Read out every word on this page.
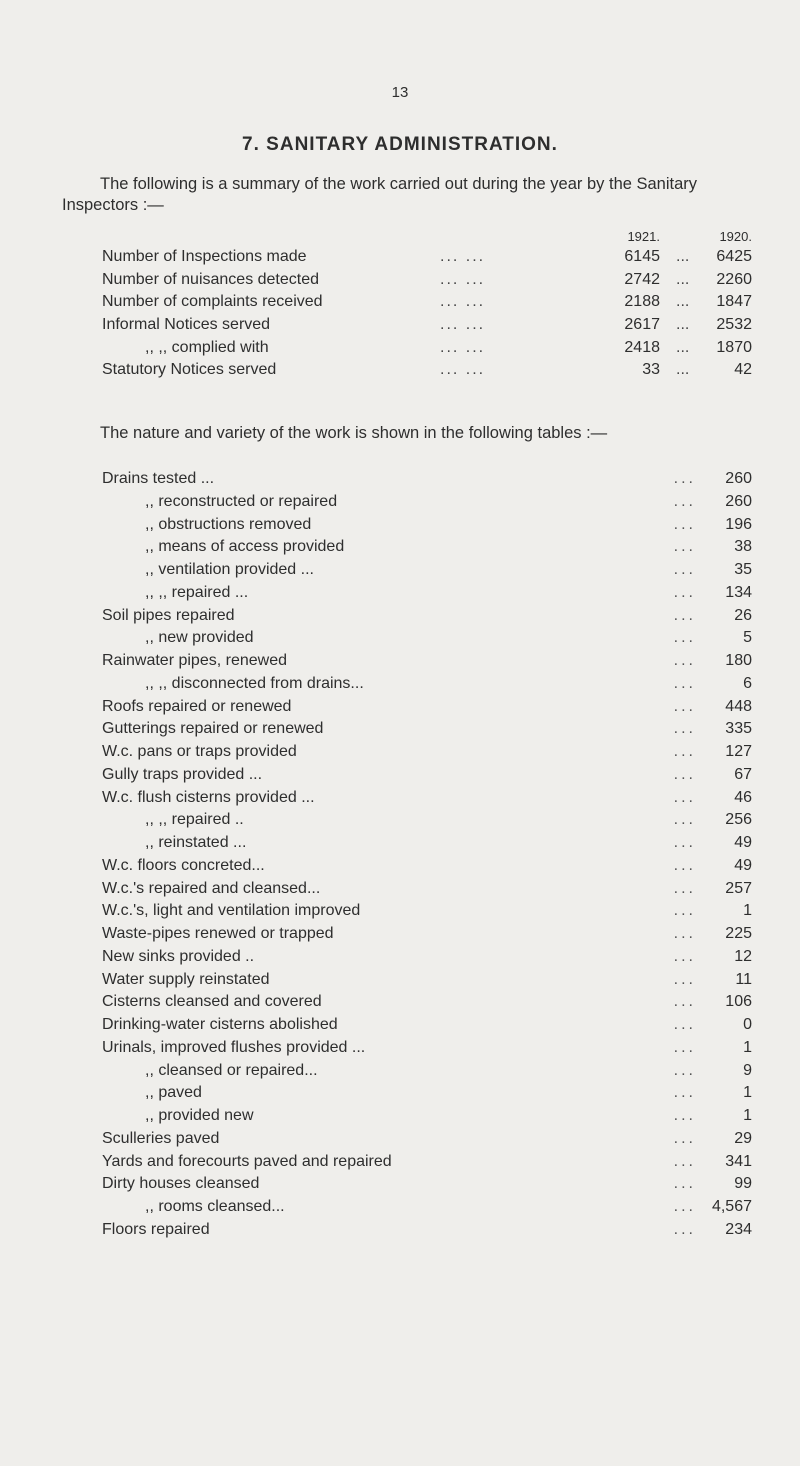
13
7. SANITARY ADMINISTRATION.
The following is a summary of the work carried out during the year by the Sanitary Inspectors :—
1921.	1920.
Number of Inspections made	... ...	6145 ... 6425
Number of nuisances detected	... ...	2742 ... 2260
Number of complaints received	... ...	2188 ... 1847
Informal Notices served	... ...	2617 ... 2532
,, ,, complied with	... ...	2418 ... 1870
Statutory Notices served	... ...	33 ...	42
The nature and variety of the work is shown in the following tables :—
Drains tested ...	... 260
,, reconstructed or repaired	... 260
,, obstructions removed	... 196
,, means of access provided	... 38
,, ventilation provided ...	... 35
,, ,, repaired ...	... 134
Soil pipes repaired	... 26
,, new provided	...	5
Rainwater pipes, renewed	... 180
,, ,, disconnected from drains...	...	6
Roofs repaired or renewed	... 448
Gutterings repaired or renewed	... 335
W.c. pans or traps provided	... 127
Gully traps provided ...	... 67
W.c. flush cisterns provided ...	... 46
,, ,, repaired ..	... 256
,, reinstated ...	... 49
W.c. floors concreted...	... 49
W.c.'s repaired and cleansed...	... 257
W.c.'s, light and ventilation improved	...	1
Waste-pipes renewed or trapped	... 225
New sinks provided ..	... 12
Water supply reinstated	... 11
Cisterns cleansed and covered	... 106
Drinking-water cisterns abolished	...	0
Urinals, improved flushes provided ...	...	1
,, cleansed or repaired...	...	9
,, paved	...	1
,, provided new	...	1
Sculleries paved	... 29
Yards and forecourts paved and repaired	... 341
Dirty houses cleansed	... 99
,, rooms cleansed...	... 4,567
Floors repaired	... 234
